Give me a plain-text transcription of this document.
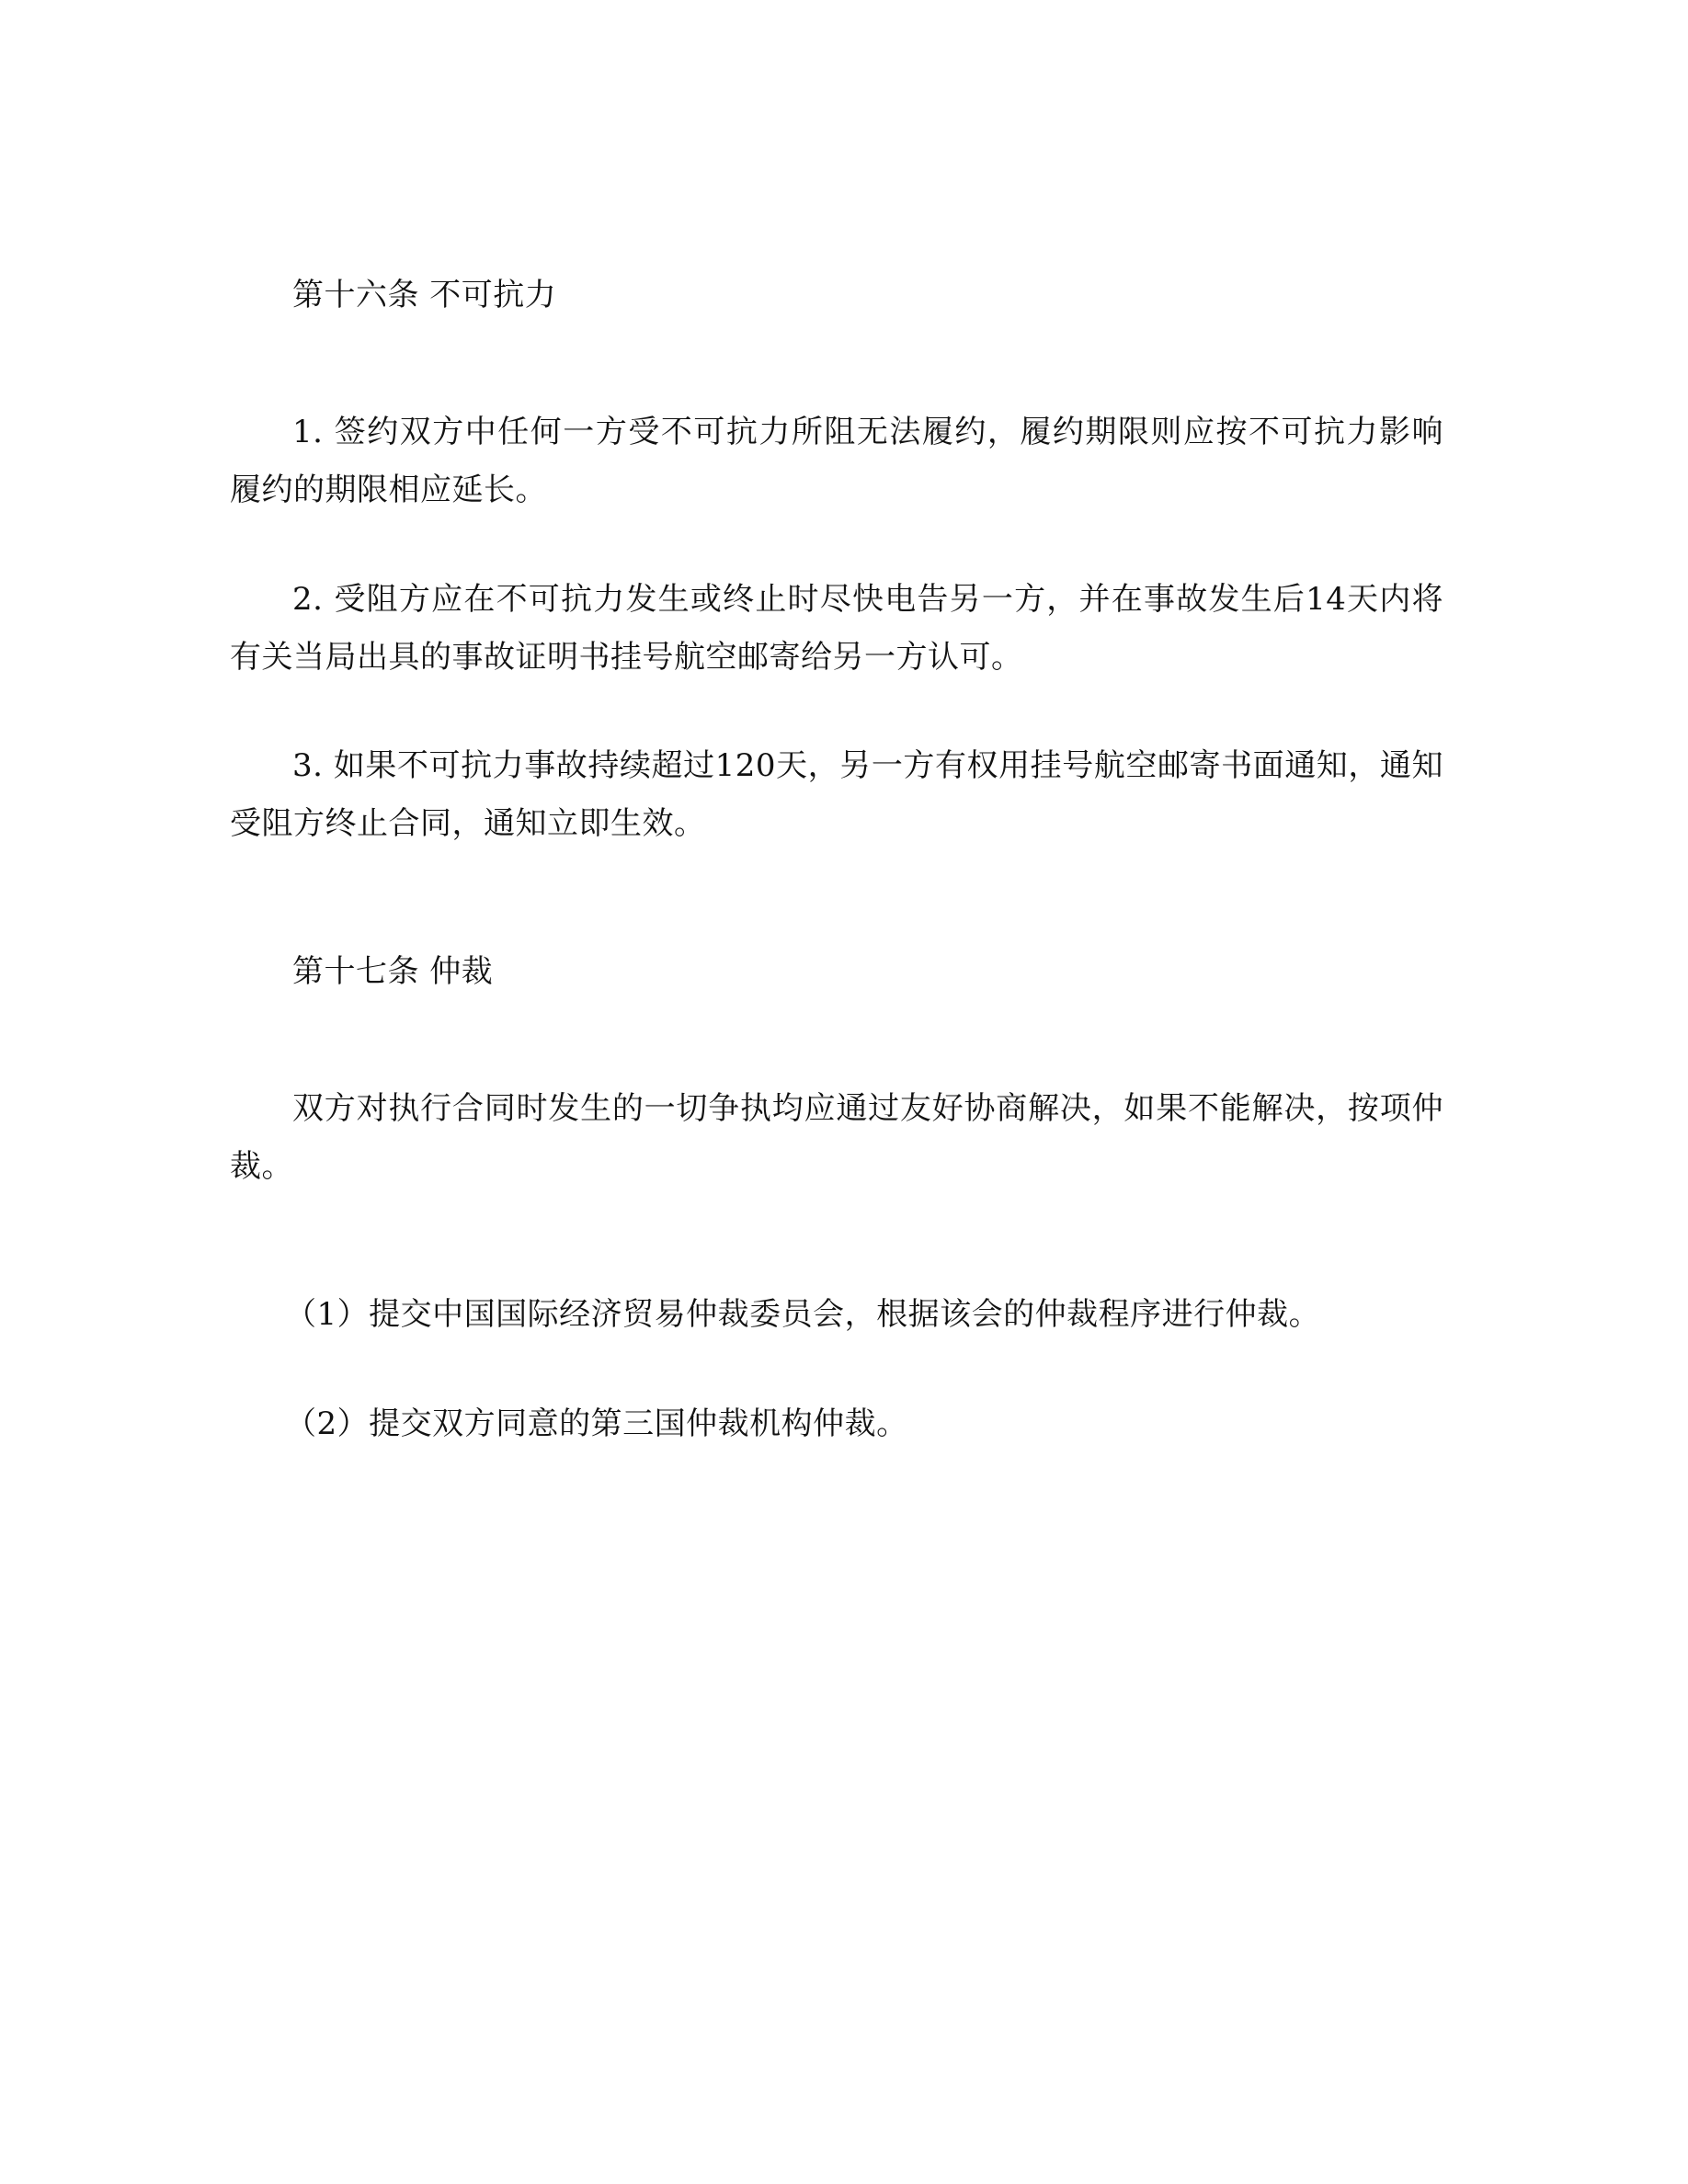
第十六条 不可抗力

1. 签约双方中任何一方受不可抗力所阻无法履约，履约期限则应按不可抗力影响履约的期限相应延长。

2. 受阻方应在不可抗力发生或终止时尽快电告另一方，并在事故发生后14天内将有关当局出具的事故证明书挂号航空邮寄给另一方认可。

3. 如果不可抗力事故持续超过120天，另一方有权用挂号航空邮寄书面通知，通知受阻方终止合同，通知立即生效。

第十七条 仲裁

双方对执行合同时发生的一切争执均应通过友好协商解决，如果不能解决，按项仲裁。

（1）提交中国国际经济贸易仲裁委员会，根据该会的仲裁程序进行仲裁。

（2）提交双方同意的第三国仲裁机构仲裁。
